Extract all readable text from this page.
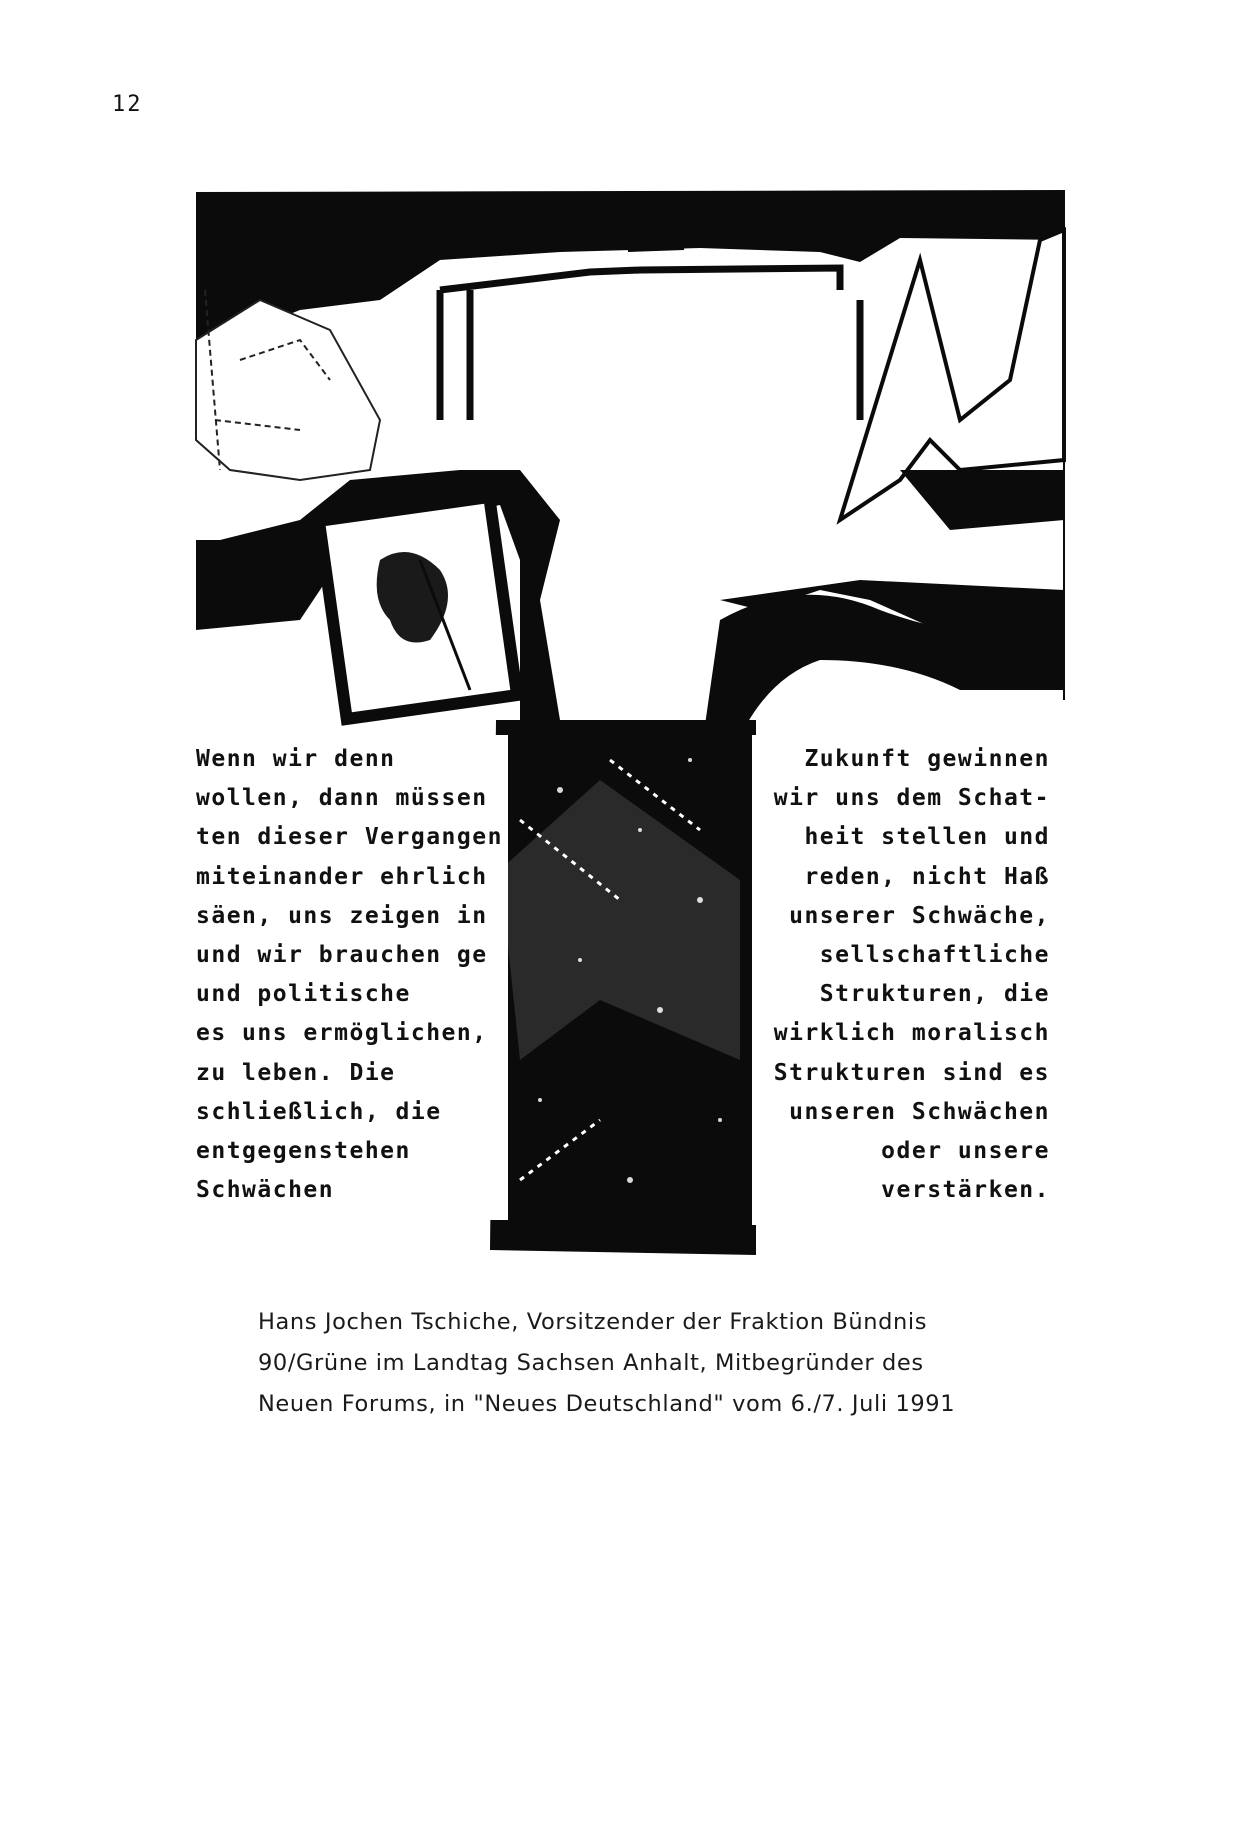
12
Wenn wir denn
wollen, dann müssen
ten dieser Vergangen
miteinander ehrlich
säen, uns zeigen in
und wir brauchen ge
und politische
es uns ermöglichen,
zu leben. Die
schließlich, die
entgegenstehen
Schwächen
Zukunft gewinnen
wir uns dem Schat-
heit stellen und
reden, nicht Haß
unserer Schwäche,
sellschaftliche
Strukturen, die
wirklich moralisch
Strukturen sind es
unseren Schwächen
oder unsere
verstärken.
Hans Jochen Tschiche, Vorsitzender der Fraktion Bündnis
90/Grüne im Landtag Sachsen Anhalt, Mitbegründer des
Neuen Forums, in "Neues Deutschland" vom 6./7. Juli 1991
